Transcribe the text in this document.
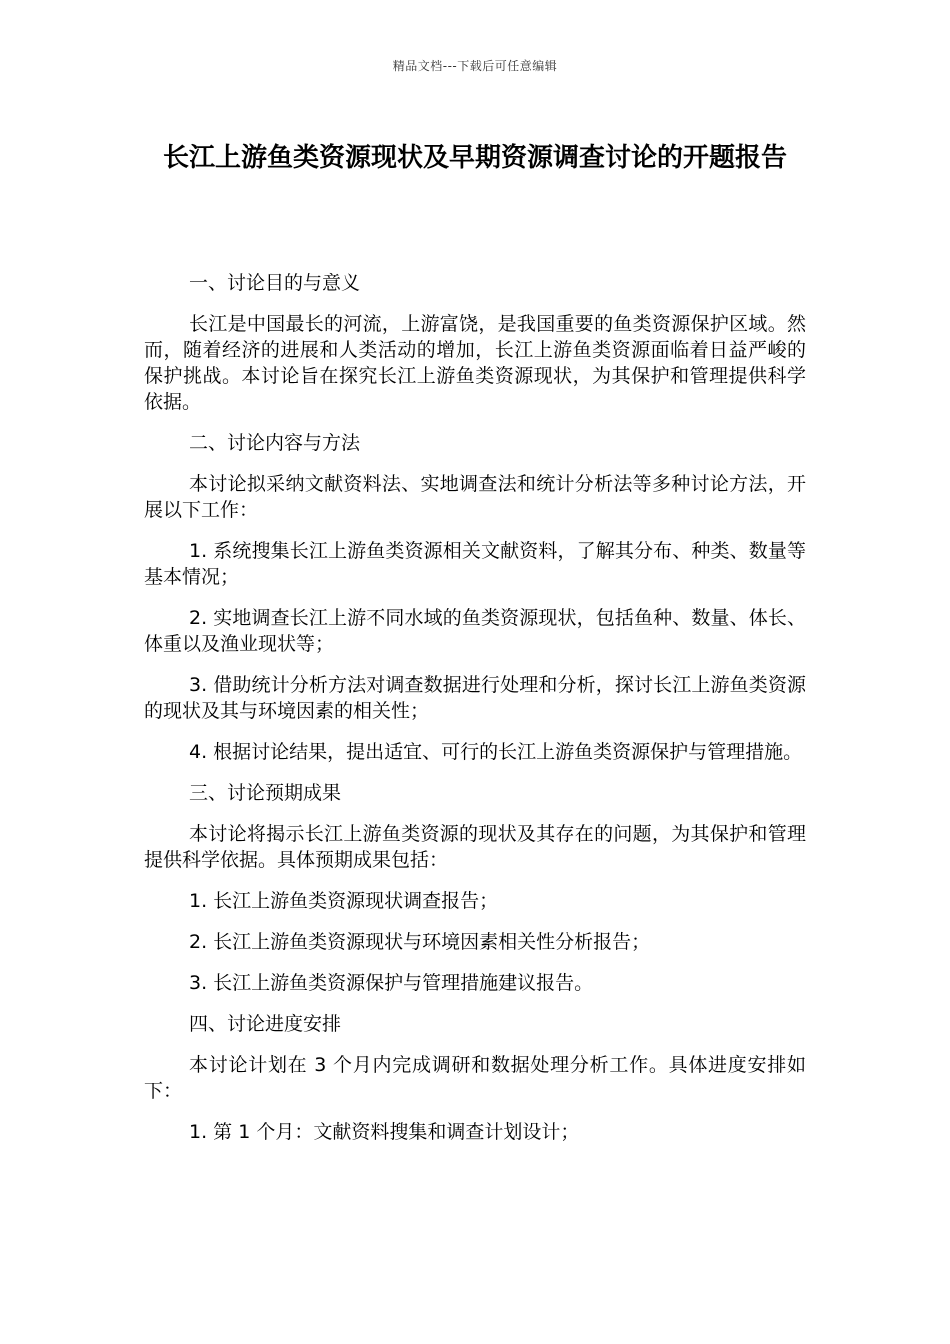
精品文档---下载后可任意编辑
长江上游鱼类资源现状及早期资源调查讨论的开题报告

一、讨论目的与意义

长江是中国最长的河流，上游富饶，是我国重要的鱼类资源保护区域。然而，随着经济的进展和人类活动的增加，长江上游鱼类资源面临着日益严峻的保护挑战。本讨论旨在探究长江上游鱼类资源现状，为其保护和管理提供科学依据。

二、讨论内容与方法

本讨论拟采纳文献资料法、实地调查法和统计分析法等多种讨论方法，开展以下工作：

1. 系统搜集长江上游鱼类资源相关文献资料，了解其分布、种类、数量等基本情况；

2. 实地调查长江上游不同水域的鱼类资源现状，包括鱼种、数量、体长、体重以及渔业现状等；

3. 借助统计分析方法对调查数据进行处理和分析，探讨长江上游鱼类资源的现状及其与环境因素的相关性；

4. 根据讨论结果，提出适宜、可行的长江上游鱼类资源保护与管理措施。

三、讨论预期成果

本讨论将揭示长江上游鱼类资源的现状及其存在的问题，为其保护和管理提供科学依据。具体预期成果包括：

1. 长江上游鱼类资源现状调查报告；

2. 长江上游鱼类资源现状与环境因素相关性分析报告；

3. 长江上游鱼类资源保护与管理措施建议报告。

四、讨论进度安排

本讨论计划在 3 个月内完成调研和数据处理分析工作。具体进度安排如下：

1. 第 1 个月：文献资料搜集和调查计划设计；
